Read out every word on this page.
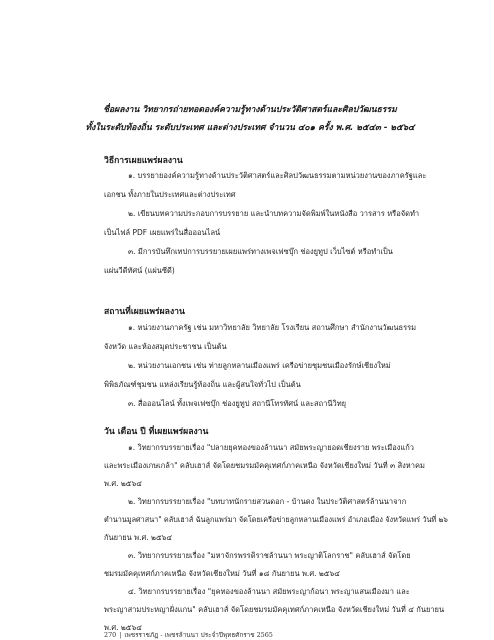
ชื่อผลงาน วิทยากรถ่ายทอดองค์ความรู้ทางด้านประวัติศาสตร์และศิลปวัฒนธรรม
ทั้งในระดับท้องถิ่น ระดับประเทศ และต่างประเทศ จำนวน ๔๐๑ ครั้ง พ.ศ. ๒๕๔๓ - ๒๕๖๔
วิธีการเผยแพร่ผลงาน
๑. บรรยายองค์ความรู้ทางด้านประวัติศาสตร์และศิลปวัฒนธรรมตามหน่วยงานของภาครัฐและ
เอกชน ทั้งภายในประเทศและต่างประเทศ
๒. เขียนบทความประกอบการบรรยาย และนำบทความจัดพิมพ์ในหนังสือ วารสาร หรือจัดทำ
เป็นไฟล์ PDF เผยแพร่ในสื่อออนไลน์
๓. มีการบันทึกเทปการบรรยายเผยแพร่ทางเพจเฟซบุ๊ก ช่องยูทูป เว็บไซต์ หรือทำเป็น
แผ่นวีดีทัศน์ (แผ่นซีดี)
สถานที่เผยแพร่ผลงาน
๑. หน่วยงานภาครัฐ เช่น มหาวิทยาลัย วิทยาลัย โรงเรียน สถานศึกษา สำนักงานวัฒนธรรม
จังหวัด และห้องสมุดประชาชน เป็นต้น
๒. หน่วยงานเอกชน เช่น ท่ายลูกหลานเมืองแพร่ เครือข่ายชุมชนเมืองรักษ์เชียงใหม่
พิพิธภัณฑ์ชุมชน แหล่งเรียนรู้ท้องถิ่น และผู้สนใจทั่วไป เป็นต้น
๓. สื่อออนไลน์ ทั้งเพจเฟซบุ๊ก ช่องยูทูป สถานีโทรทัศน์ และสถานีวิทยุ
วัน เดือน ปี ที่เผยแพร่ผลงาน
๑. วิทยากรบรรยายเรื่อง "ปลายยุคทองของล้านนา สมัยพระญายอดเชียงราย พระเมืองแก้ว
และพระเมืองเกษเกล้า" คลับเฮาส์ จัดโดยชมรมมัคคุเทศก์ภาคเหนือ จังหวัดเชียงใหม่ วันที่ ๓ สิงหาคม
พ.ศ. ๒๕๖๔
๒. วิทยากรบรรยายเรื่อง "บทบาทนักรายสวนดอก - บ้านดง ในประวัติศาสตร์ล้านนาจาก
ตำนานมูลศาสนา" คลับเฮาส์ ฉันลูกแพร่มา จัดโดยเครือข่ายลูกหลานเมืองแพร่ อำเภอเมือง จังหวัดแพร่ วันที่ ๒๖
กันยายน พ.ศ. ๒๕๖๔
๓. วิทยากรบรรยายเรื่อง "มหาจักรพรรดิราชล้านนา พระญาติโลกราช" คลับเฮาส์ จัดโดย
ชมรมมัคคุเทศก์ภาคเหนือ จังหวัดเชียงใหม่ วันที่ ๑๘ กันยายน พ.ศ. ๒๕๖๔
๔. วิทยากรบรรยายเรื่อง "ยุคทองของล้านนา สมัยพระญาก้อนา พระญาแสนเมืองมา และ
พระญาสามประหญาฝั่งแกน" คลับเฮาส์ จัดโดยชมรมมัคคุเทศก์ภาคเหนือ จังหวัดเชียงใหม่ วันที่ ๔ กันยายน
พ.ศ. ๒๕๖๔
270 | เพชรราชภัฏ - เพชรล้านนา ประจำปีพุทธศักราช 2565
